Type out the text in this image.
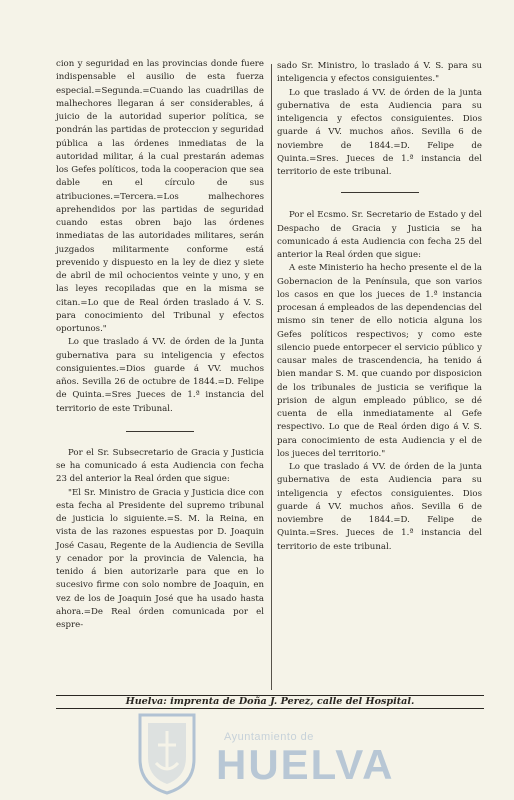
cion y seguridad en las provincias donde fuere indispensable el ausilio de esta fuerza especial.=Segunda.=Cuando las cuadrillas de malhechores llegaran á ser considerables, á juicio de la autoridad superior política, se pondrán las partidas de proteccion y seguridad pública a las órdenes inmediatas de la autoridad militar, á la cual prestarán ademas los Gefes políticos, toda la cooperacion que sea dable en el círculo de sus atribuciones.=Tercera.=Los malhechores aprehendidos por las partidas de seguridad cuando estas obren bajo las órdenes inmediatas de las autoridades militares, serán juzgados militarmente conforme está prevenido y dispuesto en la ley de diez y siete de abril de mil ochocientos veinte y uno, y en las leyes recopiladas que en la misma se citan.=Lo que de Real órden traslado á V. S. para conocimiento del Tribunal y efectos oportunos."

Lo que traslado á VV. de órden de la Junta gubernativa para su inteligencia y efectos consiguientes.=Dios guarde á VV. muchos años. Sevilla 26 de octubre de 1844.=D. Felipe de Quinta.=Sres Jueces de 1.ª instancia del territorio de este Tribunal.

Por el Sr. Subsecretario de Gracia y Justicia se ha comunicado á esta Audiencia con fecha 23 del anterior la Real órden que sigue:

"El Sr. Ministro de Gracia y Justicia dice con esta fecha al Presidente del supremo tribunal de justicia lo siguiente.=S. M. la Reina, en vista de las razones espuestas por D. Joaquin José Casau, Regente de la Audiencia de Sevilla y cenador por la provincia de Valencia, ha tenido á bien autorizarle para que en lo sucesivo firme con solo nombre de Joaquin, en vez de los de Joaquin José que ha usado hasta ahora.=De Real órden comunicada por el espre-

sado Sr. Ministro, lo traslado á V. S. para su inteligencia y efectos consiguientes."

Lo que traslado á VV. de órden de la junta gubernativa de esta Audiencia para su inteligencia y efectos consiguientes. Dios guarde á VV. muchos años. Sevilla 6 de noviembre de 1844.=D. Felipe de Quinta.=Sres. Jueces de 1.ª instancia del territorio de este tribunal.

Por el Ecsmo. Sr. Secretario de Estado y del Despacho de Gracia y Justicia se ha comunicado á esta Audiencia con fecha 25 del anterior la Real órden que sigue:

A este Ministerio ha hecho presente el de la Gobernacion de la Península, que son varios los casos en que los jueces de 1.ª instancia procesan á empleados de las dependencias del mismo sin tener de ello noticia alguna los Gefes políticos respectivos; y como este silencio puede entorpecer el servicio público y causar males de trascendencia, ha tenido á bien mandar S. M. que cuando por disposicion de los tribunales de justicia se verifique la prision de algun empleado público, se dé cuenta de ella inmediatamente al Gefe respectivo. Lo que de Real órden digo á V. S. para conocimiento de esta Audiencia y el de los jueces del territorio."

Lo que traslado á VV. de órden de la junta gubernativa de esta Audiencia para su inteligencia y efectos consiguientes. Dios guarde á VV. muchos años. Sevilla 6 de noviembre de 1844.=D. Felipe de Quinta.=Sres. Jueces de 1.ª instancia del territorio de este tribunal.

Huelva: imprenta de Doña J. Perez, calle del Hospital.
Ayuntamiento de
HUELVA
